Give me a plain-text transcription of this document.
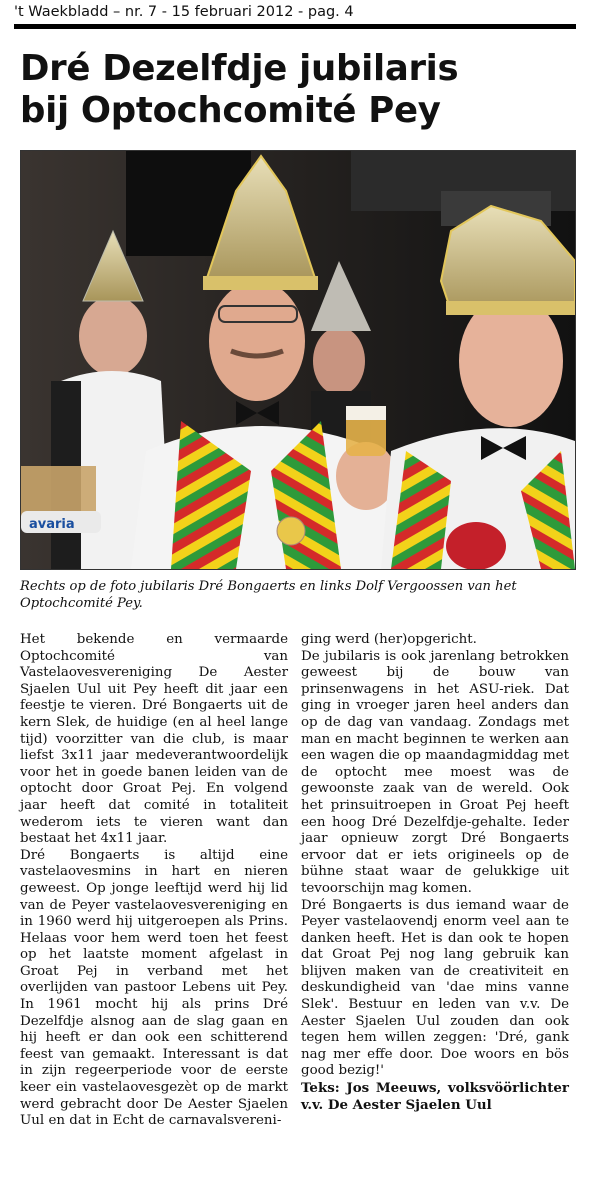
't Waekbladd – nr. 7 - 15 februari 2012 - pag. 4
Dré Dezelfdje jubilaris
bij Optochcomité Pey
avaria

Rechts op de foto jubilaris Dré Bongaerts en links Dolf Vergoossen van het Optochcomité Pey.

Het bekende en vermaarde Optochcomité van Vastelaovesvereniging De Aester Sjaelen Uul uit Pey heeft dit jaar een feestje te vieren. Dré Bongaerts uit de kern Slek, de huidige (en al heel lange tijd) voorzitter van die club, is maar liefst 3x11 jaar medeverantwoordelijk voor het in goede banen leiden van de optocht door Groat Pej. En volgend jaar heeft dat comité in totaliteit wederom iets te vieren want dan bestaat het 4x11 jaar.

Dré Bongaerts is altijd eine vastelaovesmins in hart en nieren geweest. Op jonge leeftijd werd hij lid van de Peyer vastelaovesvereniging en in 1960 werd hij uitgeroepen als Prins. Helaas voor hem werd toen het feest op het laatste moment afgelast in Groat Pej in verband met het overlijden van pastoor Lebens uit Pey. In 1961 mocht hij als prins Dré Dezelfdje alsnog aan de slag gaan en hij heeft er dan ook een schitterend feest van gemaakt. Interessant is dat in zijn regeerperiode voor de eerste keer ein vastelaovesgezèt op de markt werd gebracht door De Aester Sjaelen Uul en dat in Echt de carnavalsvereni-

ging werd (her)opgericht.

De jubilaris is ook jarenlang betrokken geweest bij de bouw van prinsenwagens in het ASU-riek. Dat ging in vroeger jaren heel anders dan op de dag van vandaag. Zondags met man en macht beginnen te werken aan een wagen die op maandagmiddag met de optocht mee moest was de gewoonste zaak van de wereld. Ook het prinsuitroepen in Groat Pej heeft een hoog Dré Dezelfdje-gehalte. Ieder jaar opnieuw zorgt Dré Bongaerts ervoor dat er iets origineels op de bühne staat waar de gelukkige uit tevoorschijn mag komen.

Dré Bongaerts is dus iemand waar de Peyer vastelaovendj enorm veel aan te danken heeft. Het is dan ook te hopen dat Groat Pej nog lang gebruik kan blijven maken van de creativiteit en deskundigheid van 'dae mins vanne Slek'. Bestuur en leden van v.v. De Aester Sjaelen Uul zouden dan ook tegen hem willen zeggen: 'Dré, gank nag mer effe door. Doe woors en bös good bezig!'

Teks: Jos Meeuws, volksvöörlichter v.v. De Aester Sjaelen Uul
